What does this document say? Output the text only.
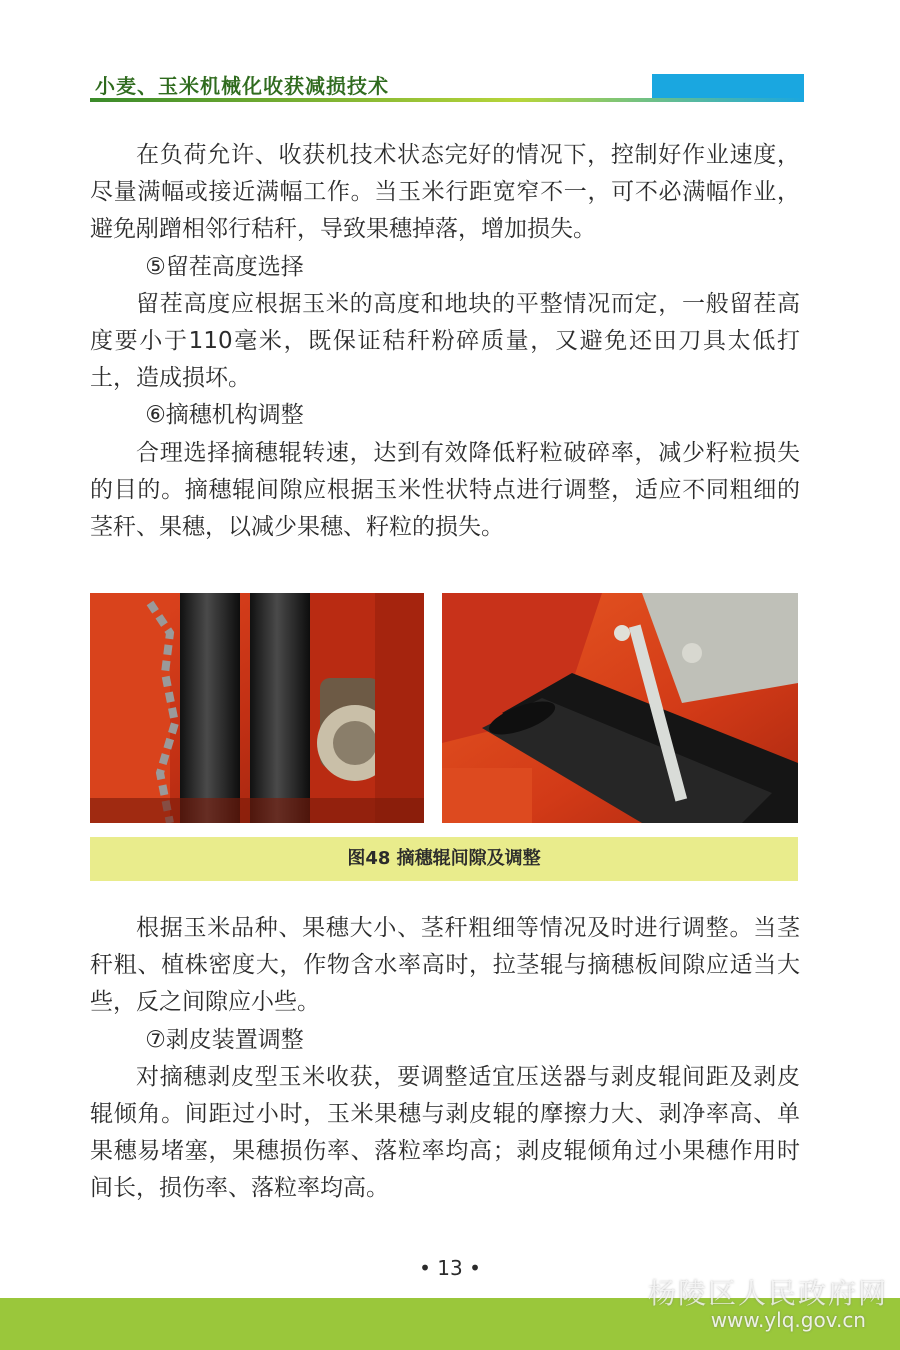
小麦、玉米机械化收获减损技术

在负荷允许、收获机技术状态完好的情况下，控制好作业速度，尽量满幅或接近满幅工作。当玉米行距宽窄不一，可不必满幅作业，避免剐蹭相邻行秸秆，导致果穗掉落，增加损失。

⑤留茬高度选择

留茬高度应根据玉米的高度和地块的平整情况而定，一般留茬高度要小于110毫米，既保证秸秆粉碎质量，又避免还田刀具太低打土，造成损坏。

⑥摘穗机构调整

合理选择摘穗辊转速，达到有效降低籽粒破碎率，减少籽粒损失的目的。摘穗辊间隙应根据玉米性状特点进行调整，适应不同粗细的茎秆、果穗，以减少果穗、籽粒的损失。

图48 摘穗辊间隙及调整

根据玉米品种、果穗大小、茎秆粗细等情况及时进行调整。当茎秆粗、植株密度大，作物含水率高时，拉茎辊与摘穗板间隙应适当大些，反之间隙应小些。

⑦剥皮装置调整

对摘穗剥皮型玉米收获，要调整适宜压送器与剥皮辊间距及剥皮辊倾角。间距过小时，玉米果穗与剥皮辊的摩擦力大、剥净率高、单果穗易堵塞，果穗损伤率、落粒率均高；剥皮辊倾角过小果穗作用时间长，损伤率、落粒率均高。

• 13 •
杨陵区人民政府网
www.ylq.gov.cn
